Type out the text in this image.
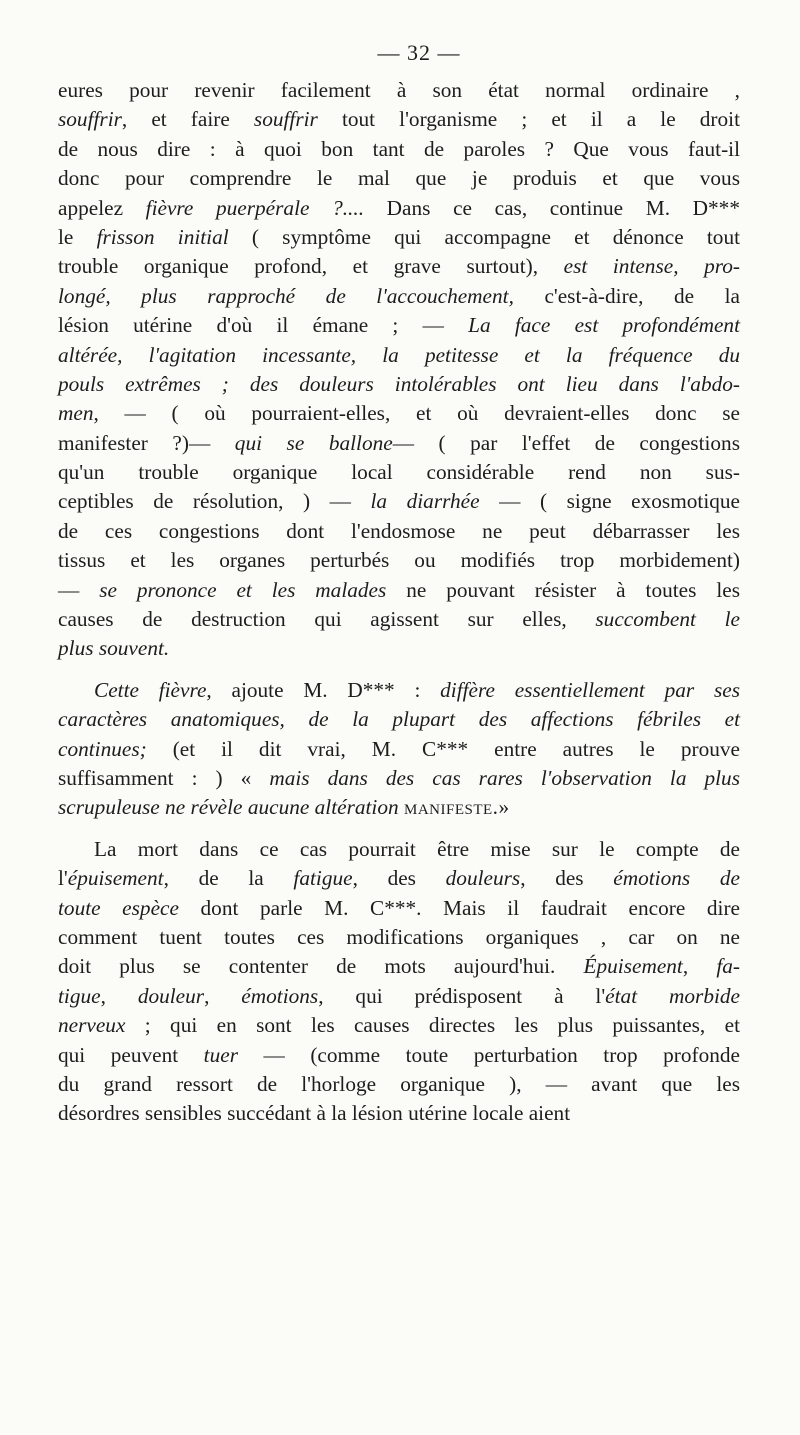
— 32 —
eures pour revenir facilement à son état normal ordinaire ,
souffrir, et faire souffrir tout l'organisme ; et il a le droit
de nous dire : à quoi bon tant de paroles ? Que vous faut-il
donc pour comprendre le mal que je produis et que vous
appelez fièvre puerpérale ?.... Dans ce cas, continue M. D***
le frisson initial ( symptôme qui accompagne et dénonce tout
trouble organique profond, et grave surtout), est intense, pro-
longé, plus rapproché de l'accouchement, c'est-à-dire, de la
lésion utérine d'où il émane ; — La face est profondément
altérée, l'agitation incessante, la petitesse et la fréquence du
pouls extrêmes ; des douleurs intolérables ont lieu dans l'abdo-
men, — ( où pourraient-elles, et où devraient-elles donc se
manifester ?)— qui se ballone— ( par l'effet de congestions
qu'un trouble organique local considérable rend non sus-
ceptibles de résolution, ) — la diarrhée — ( signe exosmotique
de ces congestions dont l'endosmose ne peut débarrasser les
tissus et les organes perturbés ou modifiés trop morbidement)
— se prononce et les malades ne pouvant résister à toutes les
causes de destruction qui agissent sur elles, succombent le
plus souvent.
Cette fièvre, ajoute M. D*** : diffère essentiellement par ses
caractères anatomiques, de la plupart des affections fébriles et
continues; (et il dit vrai, M. C*** entre autres le prouve
suffisamment : ) « mais dans des cas rares l'observation la plus
scrupuleuse ne révèle aucune altération manifeste.»
La mort dans ce cas pourrait être mise sur le compte de
l'épuisement, de la fatigue, des douleurs, des émotions de
toute espèce dont parle M. C***. Mais il faudrait encore dire
comment tuent toutes ces modifications organiques , car on ne
doit plus se contenter de mots aujourd'hui. Épuisement, fa-
tigue, douleur, émotions, qui prédisposent à l'état morbide
nerveux ; qui en sont les causes directes les plus puissantes, et
qui peuvent tuer — (comme toute perturbation trop profonde
du grand ressort de l'horloge organique ), — avant que les
désordres sensibles succédant à la lésion utérine locale aient
